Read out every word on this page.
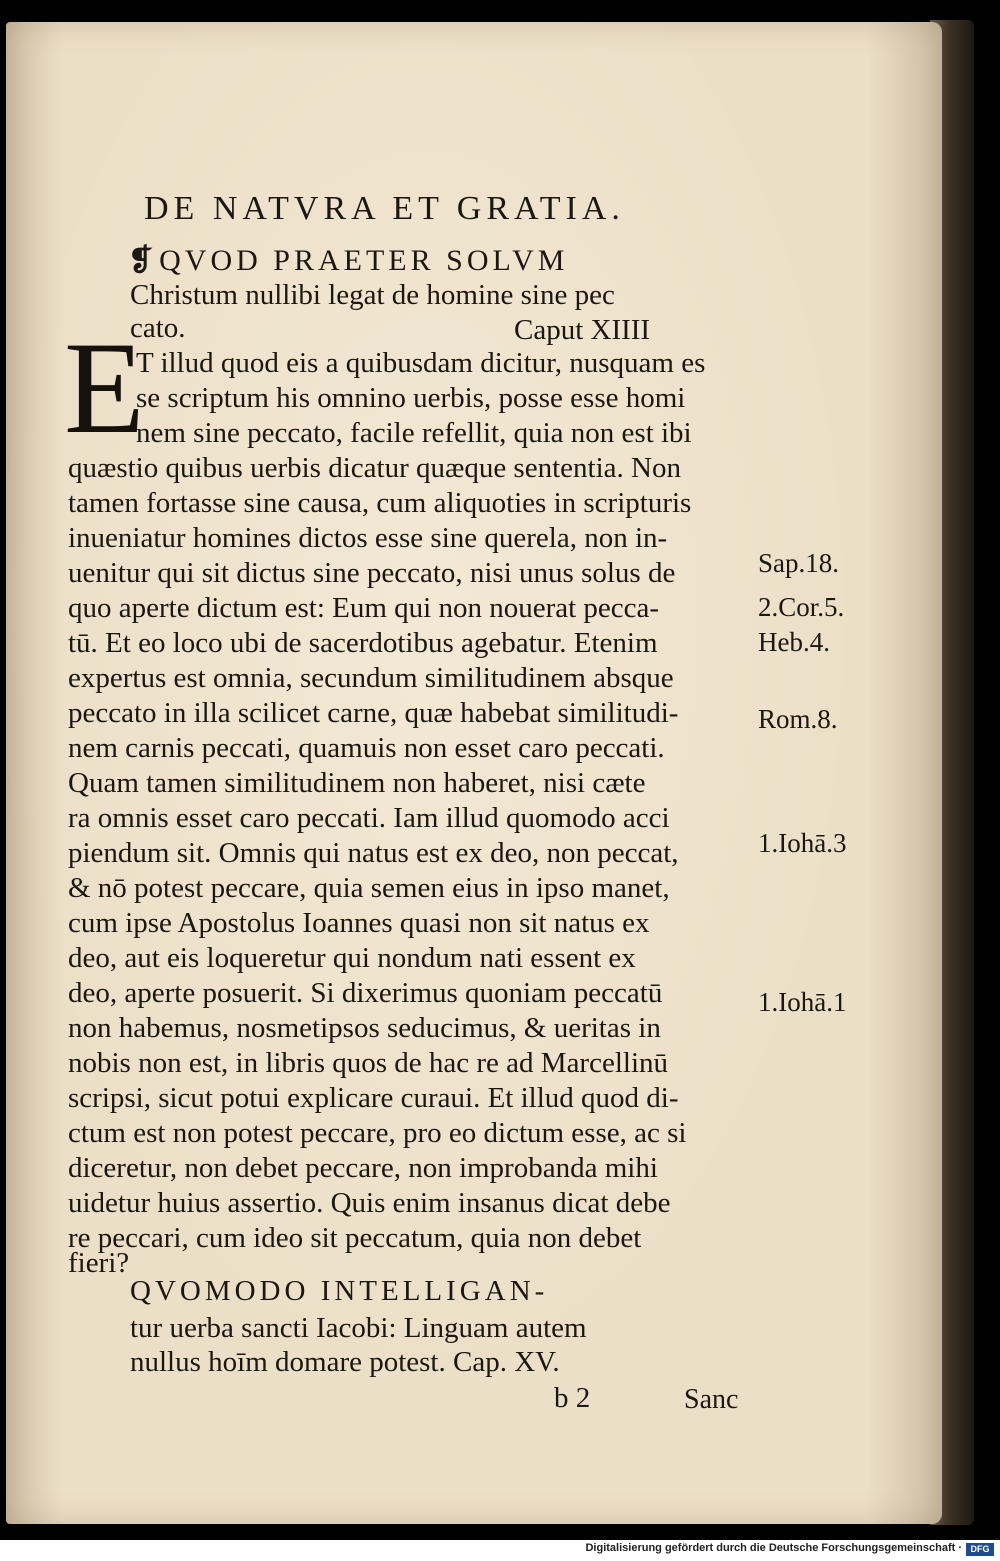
DE NATVRA ET GRATIA.
❡ QVOD PRAETER SOLVM
Christum nullibi legat de homine sine pec
cato.	Caput XIIII
E
T illud quod eis a quibusdam dicitur, nusquam es
se scriptum his omnino uerbis, posse esse homi
nem sine peccato, facile refellit, quia non est ibi
quæstio quibus uerbis dicatur quæque sententia. Non
tamen fortasse sine causa, cum aliquoties in scripturis
inueniatur homines dictos esse sine querela, non in-
uenitur qui sit dictus sine peccato, nisi unus solus de
quo aperte dictum est: Eum qui non nouerat pecca-
tū. Et eo loco ubi de sacerdotibus agebatur. Etenim
expertus est omnia, secundum similitudinem absque
peccato in illa scilicet carne, quæ habebat similitudi-
nem carnis peccati, quamuis non esset caro peccati.
Quam tamen similitudinem non haberet, nisi cæte
ra omnis esset caro peccati. Iam illud quomodo acci
piendum sit. Omnis qui natus est ex deo, non peccat,
& nō potest peccare, quia semen eius in ipso manet,
cum ipse Apostolus Ioannes quasi non sit natus ex
deo, aut eis loqueretur qui nondum nati essent ex
deo, aperte posuerit. Si dixerimus quoniam peccatū
non habemus, nosmetipsos seducimus, & ueritas in
nobis non est, in libris quos de hac re ad Marcellinū
scripsi, sicut potui explicare curaui. Et illud quod di-
ctum est non potest peccare, pro eo dictum esse, ac si
diceretur, non debet peccare, non improbanda mihi
uidetur huius assertio. Quis enim insanus dicat debe
re peccari, cum ideo sit peccatum, quia non debet
fieri?
Sap.18.
2.Cor.5.
Heb.4.
Rom.8.
1.Iohā.3
1.Iohā.1
QVOMODO INTELLIGAN-
tur uerba sancti Iacobi: Linguam autem
nullus hoīm domare potest. Cap. XV.
b 2	Sanc
Digitalisierung gefördert durch die Deutsche Forschungsgemeinschaft · DFG
